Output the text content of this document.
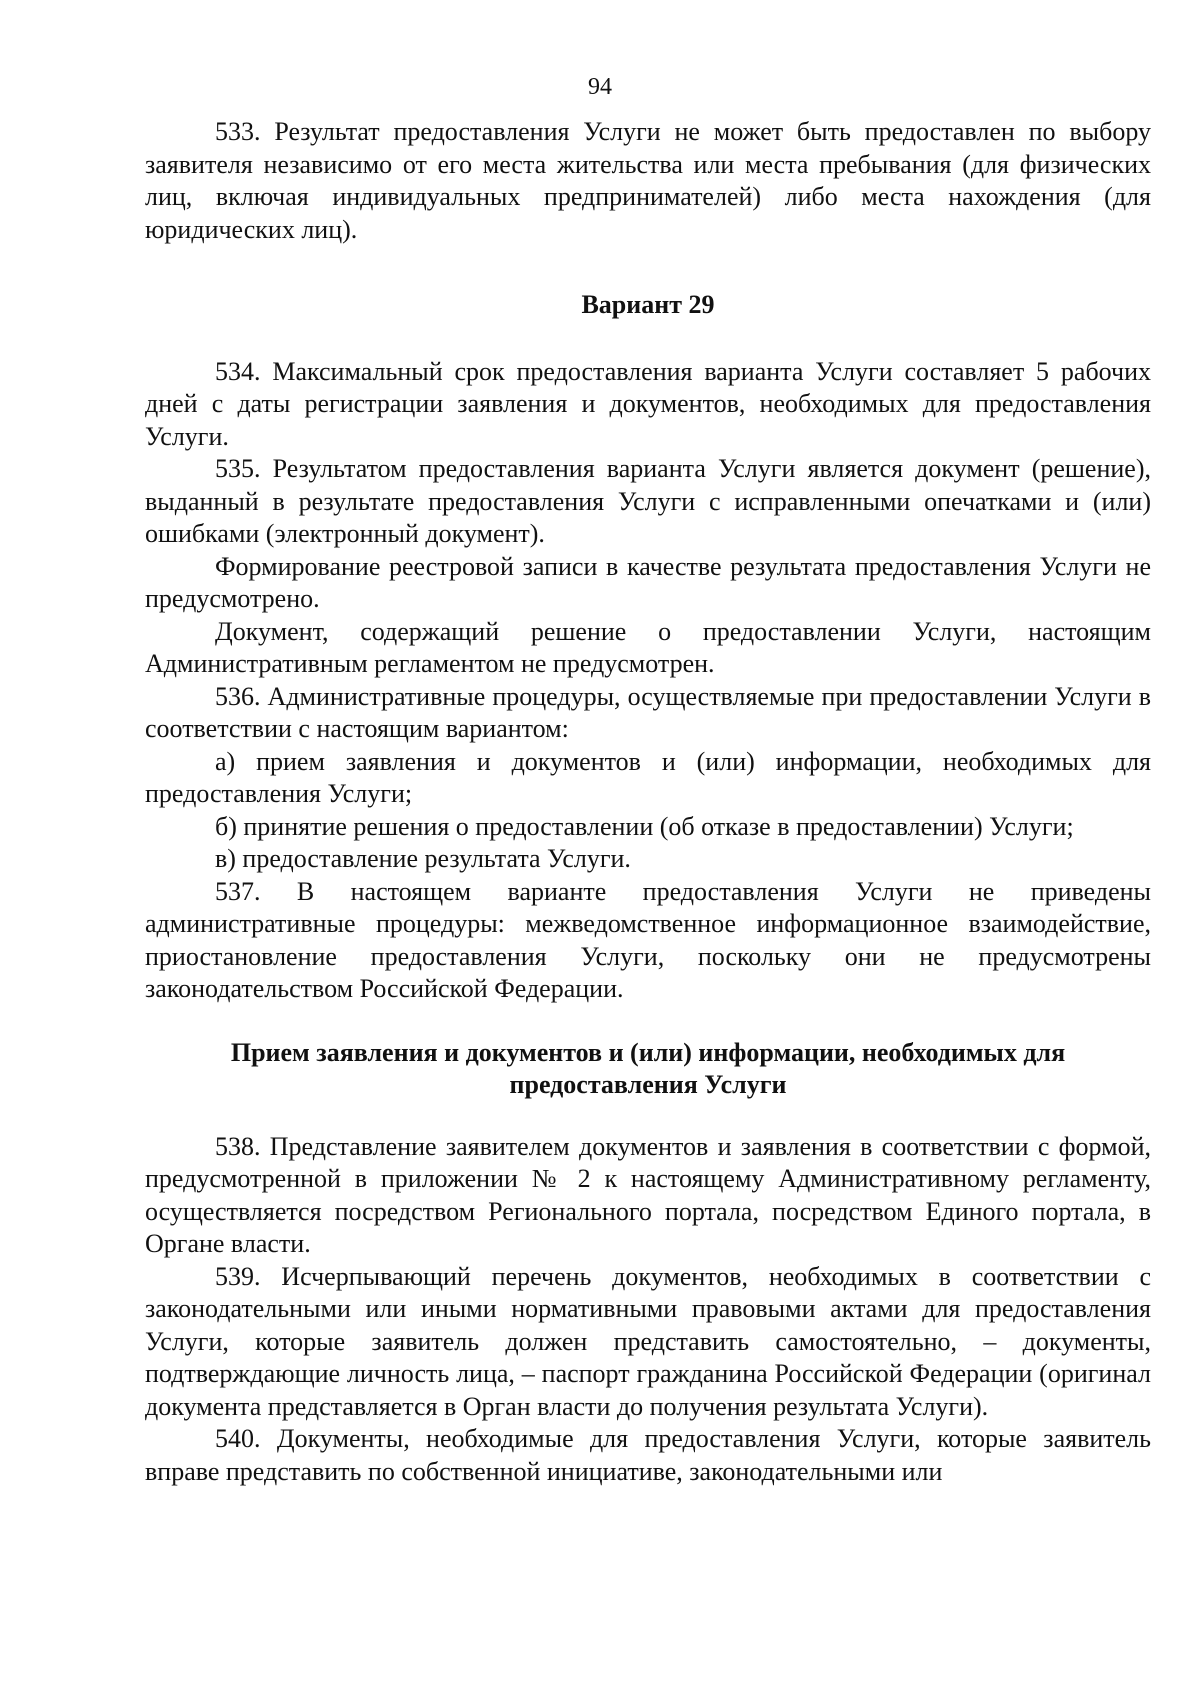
94

533. Результат предоставления Услуги не может быть предоставлен по выбору заявителя независимо от его места жительства или места пребывания (для физических лиц, включая индивидуальных предпринимателей) либо места нахождения (для юридических лиц).

Вариант 29

534. Максимальный срок предоставления варианта Услуги составляет 5 рабочих дней с даты регистрации заявления и документов, необходимых для предоставления Услуги.

535. Результатом предоставления варианта Услуги является документ (решение), выданный в результате предоставления Услуги с исправленными опечатками и (или) ошибками (электронный документ).

Формирование реестровой записи в качестве результата предоставления Услуги не предусмотрено.

Документ, содержащий решение о предоставлении Услуги, настоящим Административным регламентом не предусмотрен.

536. Административные процедуры, осуществляемые при предоставлении Услуги в соответствии с настоящим вариантом:

а) прием заявления и документов и (или) информации, необходимых для предоставления Услуги;

б) принятие решения о предоставлении (об отказе в предоставлении) Услуги;

в) предоставление результата Услуги.

537. В настоящем варианте предоставления Услуги не приведены административные процедуры: межведомственное информационное взаимодействие, приостановление предоставления Услуги, поскольку они не предусмотрены законодательством Российской Федерации.

Прием заявления и документов и (или) информации, необходимых для
предоставления Услуги

538. Представление заявителем документов и заявления в соответствии с формой, предусмотренной в приложении № 2 к настоящему Административному регламенту, осуществляется посредством Регионального портала, посредством Единого портала, в Органе власти.

539. Исчерпывающий перечень документов, необходимых в соответствии с законодательными или иными нормативными правовыми актами для предоставления Услуги, которые заявитель должен представить самостоятельно, – документы, подтверждающие личность лица, – паспорт гражданина Российской Федерации (оригинал документа представляется в Орган власти до получения результата Услуги).

540. Документы, необходимые для предоставления Услуги, которые заявитель вправе представить по собственной инициативе, законодательными или
